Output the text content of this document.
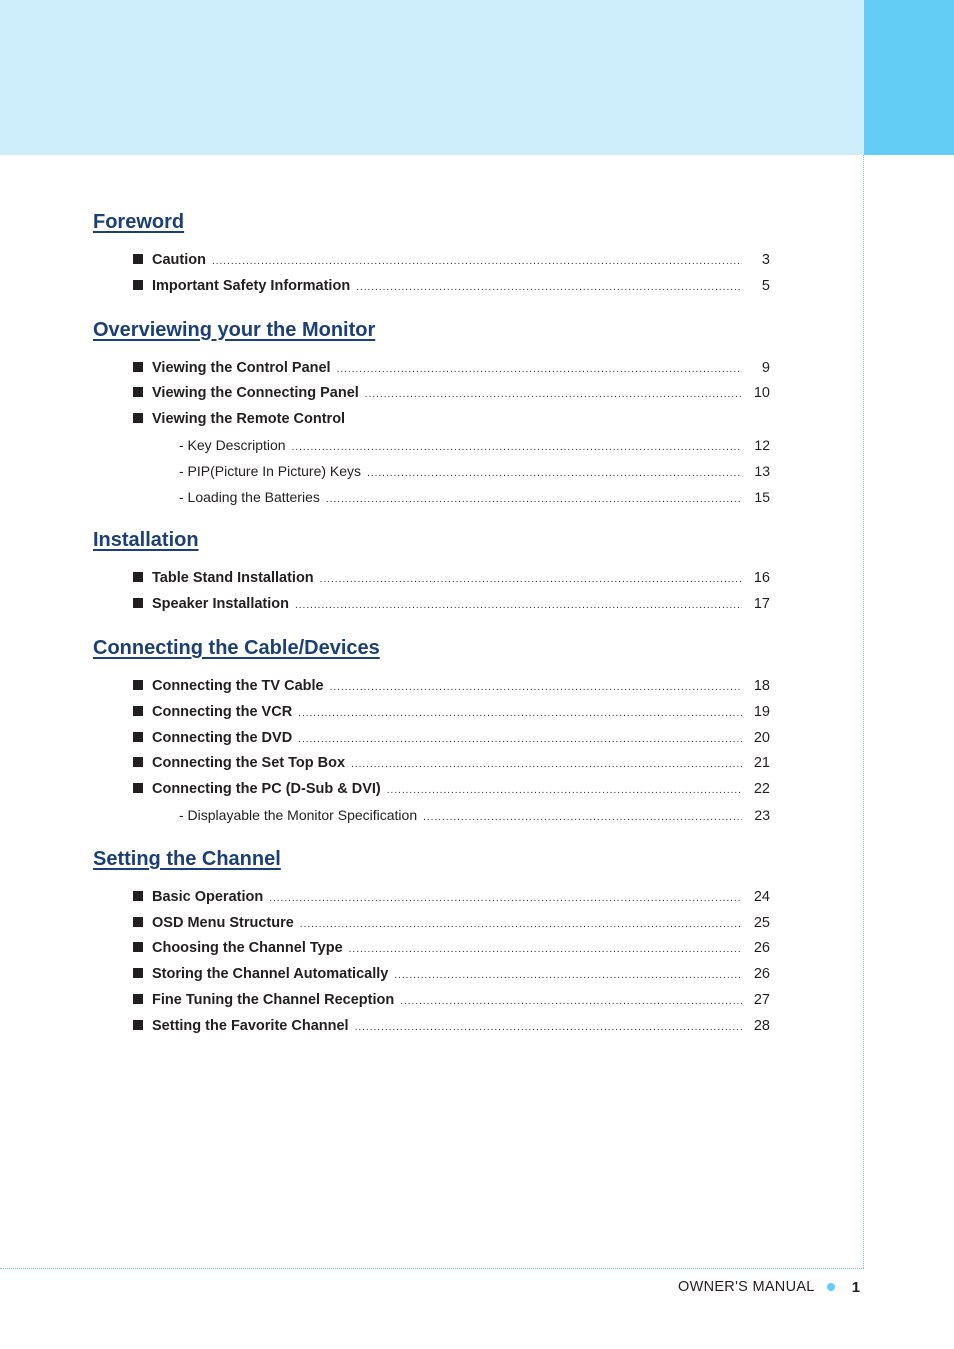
Foreword
Caution .....	3
Important Safety Information .....	5
Overviewing your the Monitor
Viewing the Control Panel .....	9
Viewing the Connecting Panel .....	10
Viewing the Remote Control
- Key Description .....	12
- PIP(Picture In Picture) Keys .....	13
- Loading the Batteries .....	15
Installation
Table Stand Installation .....	16
Speaker Installation .....	17
Connecting the Cable/Devices
Connecting the TV Cable .....	18
Connecting the VCR .....	19
Connecting the DVD .....	20
Connecting the Set Top Box .....	21
Connecting the PC (D-Sub & DVI) .....	22
- Displayable the Monitor Specification .....	23
Setting the Channel
Basic Operation .....	24
OSD Menu Structure .....	25
Choosing the Channel Type .....	26
Storing the Channel Automatically .....	26
Fine Tuning the Channel Reception .....	27
Setting the Favorite Channel .....	28
OWNER'S MANUAL 1
